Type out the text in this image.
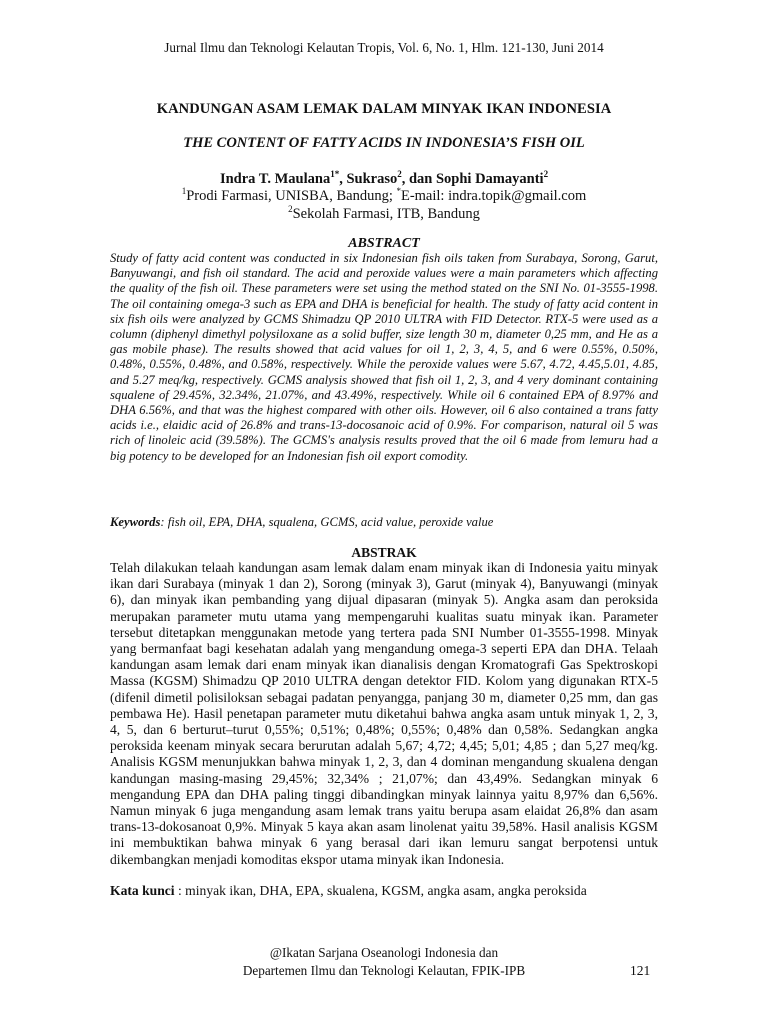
Jurnal Ilmu dan Teknologi Kelautan Tropis, Vol. 6, No. 1, Hlm. 121-130, Juni 2014
KANDUNGAN ASAM LEMAK DALAM MINYAK IKAN INDONESIA
THE CONTENT OF FATTY ACIDS IN INDONESIA’S FISH OIL
Indra T. Maulana$^{1*}$, Sukraso$^2$, dan Sophi Damayanti$^2$
$^1$Prodi Farmasi, UNISBA, Bandung; *E-mail: indra.topik@gmail.com
$^2$Sekolah Farmasi, ITB, Bandung
ABSTRACT
Study of fatty acid content was conducted in six Indonesian fish oils taken from Surabaya, Sorong, Garut, Banyuwangi, and fish oil standard. The acid and peroxide values were a main parameters which affecting the quality of the fish oil. These parameters were set using the method stated on the SNI No. 01-3555-1998. The oil containing omega-3 such as EPA and DHA is beneficial for health. The study of fatty acid content in six fish oils were analyzed by GCMS Shimadzu QP 2010 ULTRA with FID Detector. RTX-5 were used as a column (diphenyl dimethyl polysiloxane as a solid buffer, size length 30 m, diameter 0,25 mm, and He as a gas mobile phase). The results showed that acid values for oil 1, 2, 3, 4, 5, and 6 were 0.55%, 0.50%, 0.48%, 0.55%, 0.48%, and 0.58%, respectively. While the peroxide values were 5.67, 4.72, 4.45,5.01, 4.85, and 5.27 meq/kg, respectively. GCMS analysis showed that fish oil 1, 2, 3, and 4 very dominant containing squalene of 29.45%, 32.34%, 21.07%, and 43.49%, respectively. While oil 6 contained EPA of 8.97% and DHA 6.56%, and that was the highest compared with other oils. However, oil 6 also contained a trans fatty acids i.e., elaidic acid of 26.8% and trans-13-docosanoic acid of 0.9%. For comparison, natural oil 5 was rich of linoleic acid (39.58%). The GCMS's analysis results proved that the oil 6 made from lemuru had a big potency to be developed for an Indonesian fish oil export comodity.
Keywords: fish oil, EPA, DHA, squalena, GCMS, acid value, peroxide value
ABSTRAK
Telah dilakukan telaah kandungan asam lemak dalam enam minyak ikan di Indonesia yaitu minyak ikan dari Surabaya (minyak 1 dan 2), Sorong (minyak 3), Garut (minyak 4), Banyuwangi (minyak 6), dan minyak ikan pembanding yang dijual dipasaran (minyak 5). Angka asam dan peroksida merupakan parameter mutu utama yang mempengaruhi kualitas suatu minyak ikan. Parameter tersebut ditetapkan menggunakan metode yang tertera pada SNI Number 01-3555-1998. Minyak yang bermanfaat bagi kesehatan adalah yang mengandung omega-3 seperti EPA dan DHA. Telaah kandungan asam lemak dari enam minyak ikan dianalisis dengan Kromatografi Gas Spektroskopi Massa (KGSM) Shimadzu QP 2010 ULTRA dengan detektor FID. Kolom yang digunakan RTX-5 (difenil dimetil polisiloksan sebagai padatan penyangga, panjang 30 m, diameter 0,25 mm, dan gas pembawa He). Hasil penetapan parameter mutu diketahui bahwa angka asam untuk minyak 1, 2, 3, 4, 5, dan 6 berturut–turut 0,55%; 0,51%; 0,48%; 0,55%; 0,48% dan 0,58%. Sedangkan angka peroksida keenam minyak secara berurutan adalah 5,67; 4,72; 4,45; 5,01; 4,85 ; dan 5,27 meq/kg. Analisis KGSM menunjukkan bahwa minyak 1, 2, 3, dan 4 dominan mengandung skualena dengan kandungan masing-masing 29,45%; 32,34% ; 21,07%; dan 43,49%. Sedangkan minyak 6 mengandung EPA dan DHA paling tinggi dibandingkan minyak lainnya yaitu 8,97% dan 6,56%. Namun minyak 6 juga mengandung asam lemak trans yaitu berupa asam elaidat 26,8% dan asam trans-13-dokosanoat 0,9%. Minyak 5 kaya akan asam linolenat yaitu 39,58%. Hasil analisis KGSM ini membuktikan bahwa minyak 6 yang berasal dari ikan lemuru sangat berpotensi untuk dikembangkan menjadi komoditas ekspor utama minyak ikan Indonesia.
Kata kunci : minyak ikan, DHA, EPA, skualena, KGSM, angka asam, angka peroksida
@Ikatan Sarjana Oseanologi Indonesia dan
Departemen Ilmu dan Teknologi Kelautan, FPIK-IPB	121
